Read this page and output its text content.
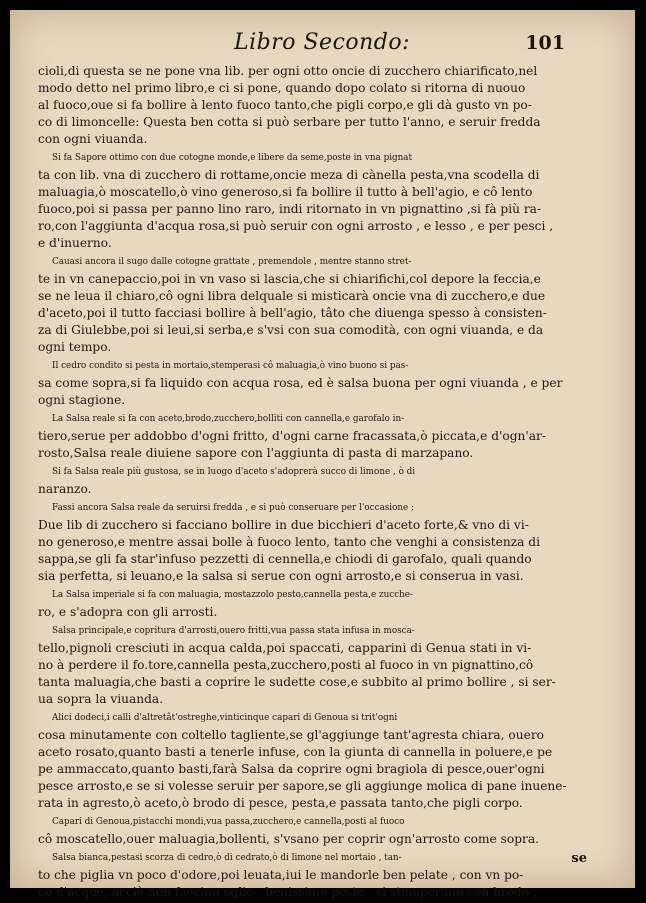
Libro Secondo:	101
cioli,di questa se ne pone vna lib. per ogni otto oncie di zucchero chiarificato,nel
modo detto nel primo libro,e ci si pone, quando dopo colato si ritorna di nuouo
al fuoco,oue si fa bollire à lento fuoco tanto,che pigli corpo,e gli dà gusto vn po-
co di limoncelle: Questa ben cotta si può serbare per tutto l'anno, e seruir fredda
con ogni viuanda.
Si fa Sapore ottimo con due cotogne monde,e libere da seme,poste in vna pignat
ta con lib. vna di zucchero di rottame,oncie meza di cànella pesta,vna scodella di
maluagia,ò moscatello,ò vino generoso,si fa bollire il tutto à bell'agio, e cô lento
fuoco,poi si passa per panno lino raro, indi ritornato in vn pignattino ,si fà più ra-
ro,con l'aggiunta d'acqua rosa,si può seruir con ogni arrosto , e lesso , e per pesci ,
e d'inuerno.
Cauasi ancora il sugo dalle cotogne grattate , premendole , mentre stanno stret-
te in vn canepaccio,poi in vn vaso si lascia,che si chiarifichi,col depore la feccia,e
se ne leua il chiaro,cô ogni libra delquale si misticarà oncie vna di zucchero,e due
d'aceto,poi il tutto facciasi bollire à bell'agio, tâto che diuenga spesso à consisten-
za di Giulebbe,poi si leui,si serba,e s'vsi con sua comodità, con ogni viuanda, e da
ogni tempo.
Il cedro condito si pesta in mortaio,stemperasi cô maluagia,ò vino buono si pas-
sa come sopra,si fa liquido con acqua rosa, ed è salsa buona per ogni viuanda , e per
ogni stagione.
La Salsa reale si fa con aceto,brodo,zucchero,bolliti con cannella,e garofalo in-
tiero,serue per addobbo d'ogni fritto, d'ogni carne fracassata,ò piccata,e d'ogn'ar-
rosto,Salsa reale diuiene sapore con l'aggiunta di pasta di marzapano.
Si fa Salsa reale più gustosa, se in luogo d'aceto s'adoprerà succo di limone , ò di
naranzo.
Fassi ancora Salsa reale da seruirsi fredda , e si può conseruare per l'occasione ;
Due lib di zucchero si facciano bollire in due bicchieri d'aceto forte,& vno di vi-
no generoso,e mentre assai bolle à fuoco lento, tanto che venghi a consistenza di
sappa,se gli fa star'infuso pezzetti di cennella,e chiodi di garofalo, quali quando
sia perfetta, si leuano,e la salsa si serue con ogni arrosto,e si conserua in vasi.
La Salsa imperiale si fa con maluagia, mostazzolo pesto,cannella pesta,e zucche-
ro, e s'adopra con gli arrosti.
Salsa principale,e copritura d'arrosti,ouero fritti,vua passa stata infusa in mosca-
tello,pignoli cresciuti in acqua calda,poi spaccati, capparini di Genua stati in vi-
no à perdere il fo.tore,cannella pesta,zucchero,posti al fuoco in vn pignattino,cô
tanta maluagia,che basti a coprire le sudette cose,e subbito al primo bollire , si ser-
ua sopra la viuanda.
Alici dodeci,i calli d'altretât'ostreghe,vinticinque capari di Genoua si trit'ogni
cosa minutamente con coltello tagliente,se gl'aggiunge tant'agresta chiara, ouero
aceto rosato,quanto basti a tenerle infuse, con la giunta di cannella in poluere,e pe
pe ammaccato,quanto basti,farà Salsa da coprire ogni bragiola di pesce,ouer'ogni
pesce arrosto,e se si volesse seruir per sapore,se gli aggiunge molica di pane inuene-
rata in agresto,ò aceto,ò brodo di pesce, pesta,e passata tanto,che pigli corpo.
Capari di Genoua,pistacchi mondi,vua passa,zucchero,e cannella,posti al fuoco
cô moscatello,ouer maluagia,bollenti, s'vsano per coprir ogn'arrosto come sopra.
Salsa bianca,pestasi scorza di cedro,ò di cedrato,ò di limone nel mortaio , tan-
to che piglia vn poco d'odore,poi leuata,iui le mandorle ben pelate , con vn po-
co d'acque, acciò non faccino oglio , benissimo peste , si stemperano con brodo ,
se
